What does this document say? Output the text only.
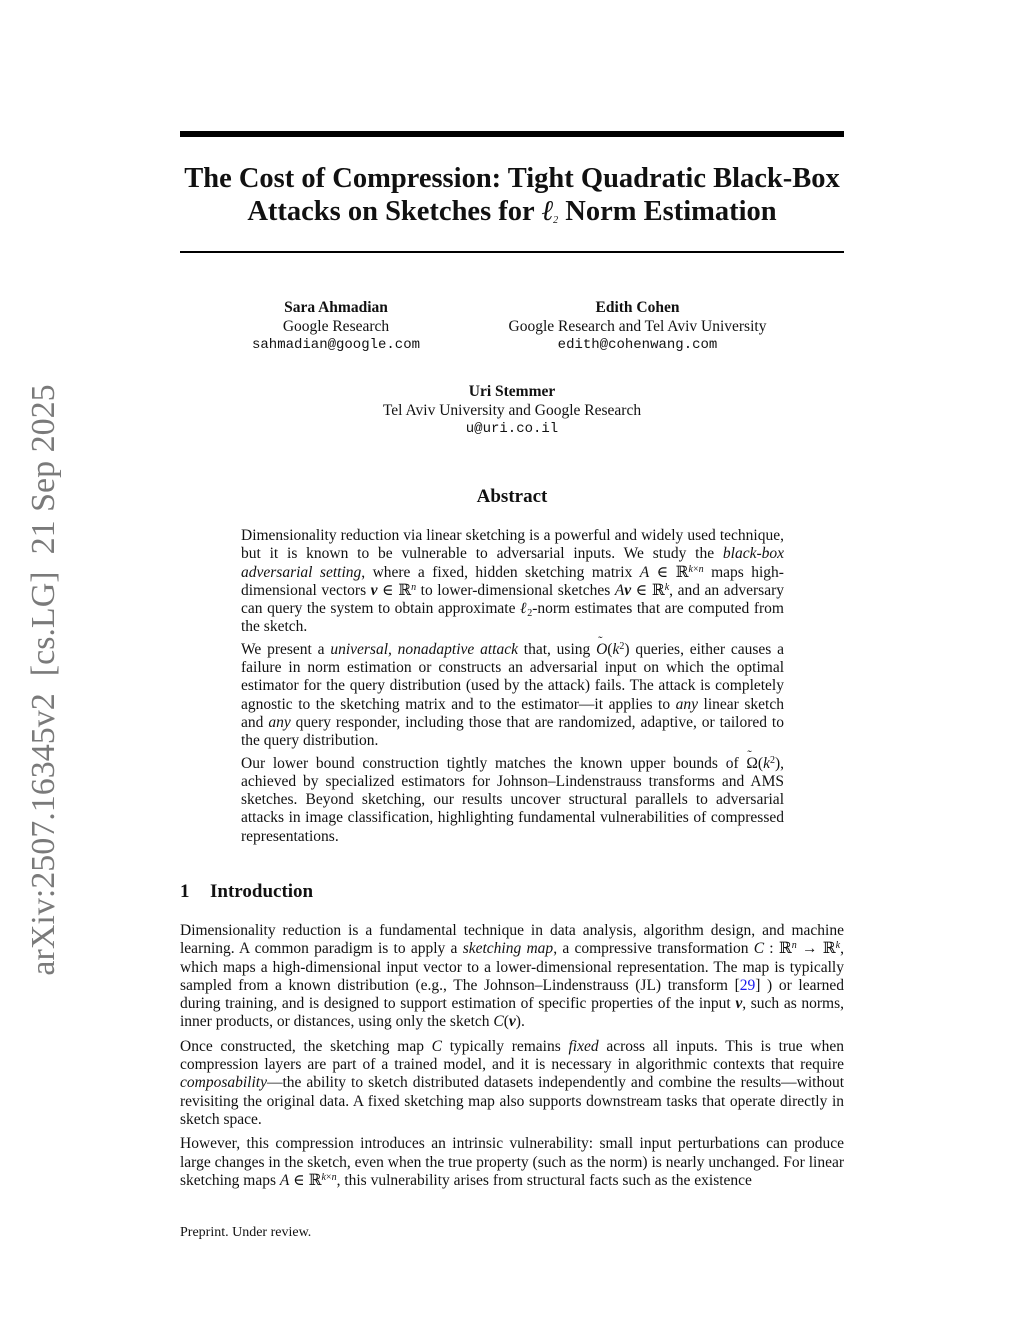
arXiv:2507.16345v2  [cs.LG]  21 Sep 2025
The Cost of Compression: Tight Quadratic Black-Box
Attacks on Sketches for ℓ$_2$ Norm Estimation
Sara Ahmadian
Google Research
sahmadian@google.com
Edith Cohen
Google Research and Tel Aviv University
edith@cohenwang.com
Uri Stemmer
Tel Aviv University and Google Research
u@uri.co.il
Abstract

Dimensionality reduction via linear sketching is a powerful and widely used technique, but it is known to be vulnerable to adversarial inputs. We study the black-box adversarial setting, where a fixed, hidden sketching matrix A ∈ ℝ$^{k\times n}$ maps high-dimensional vectors v ∈ ℝ$^n$ to lower-dimensional sketches Av ∈ ℝ$^k$, and an adversary can query the system to obtain approximate ℓ$_2$-norm estimates that are computed from the sketch.

We present a universal, nonadaptive attack that, using ˜ $O(k^2)$ queries, either causes a failure in norm estimation or constructs an adversarial input on which the optimal estimator for the query distribution (used by the attack) fails. The attack is completely agnostic to the sketching matrix and to the estimator—it applies to any linear sketch and any query responder, including those that are randomized, adaptive, or tailored to the query distribution.

Our lower bound construction tightly matches the known upper bounds of ˜ $\Omega(k^2)$, achieved by specialized estimators for Johnson–Lindenstrauss transforms and AMS sketches. Beyond sketching, our results uncover structural parallels to adversarial attacks in image classification, highlighting fundamental vulnerabilities of compressed representations.

1 Introduction

Dimensionality reduction is a fundamental technique in data analysis, algorithm design, and machine learning. A common paradigm is to apply a sketching map, a compressive transformation C : ℝ$^n$ → ℝ$^k$, which maps a high-dimensional input vector to a lower-dimensional representation. The map is typically sampled from a known distribution (e.g., The Johnson–Lindenstrauss (JL) transform [29] ) or learned during training, and is designed to support estimation of specific properties of the input v, such as norms, inner products, or distances, using only the sketch C(v).

Once constructed, the sketching map C typically remains fixed across all inputs. This is true when compression layers are part of a trained model, and it is necessary in algorithmic contexts that require composability—the ability to sketch distributed datasets independently and combine the results—without revisiting the original data. A fixed sketching map also supports downstream tasks that operate directly in sketch space.

However, this compression introduces an intrinsic vulnerability: small input perturbations can produce large changes in the sketch, even when the true property (such as the norm) is nearly unchanged. For linear sketching maps A ∈ ℝ$^{k\times n}$, this vulnerability arises from structural facts such as the existence

Preprint. Under review.
